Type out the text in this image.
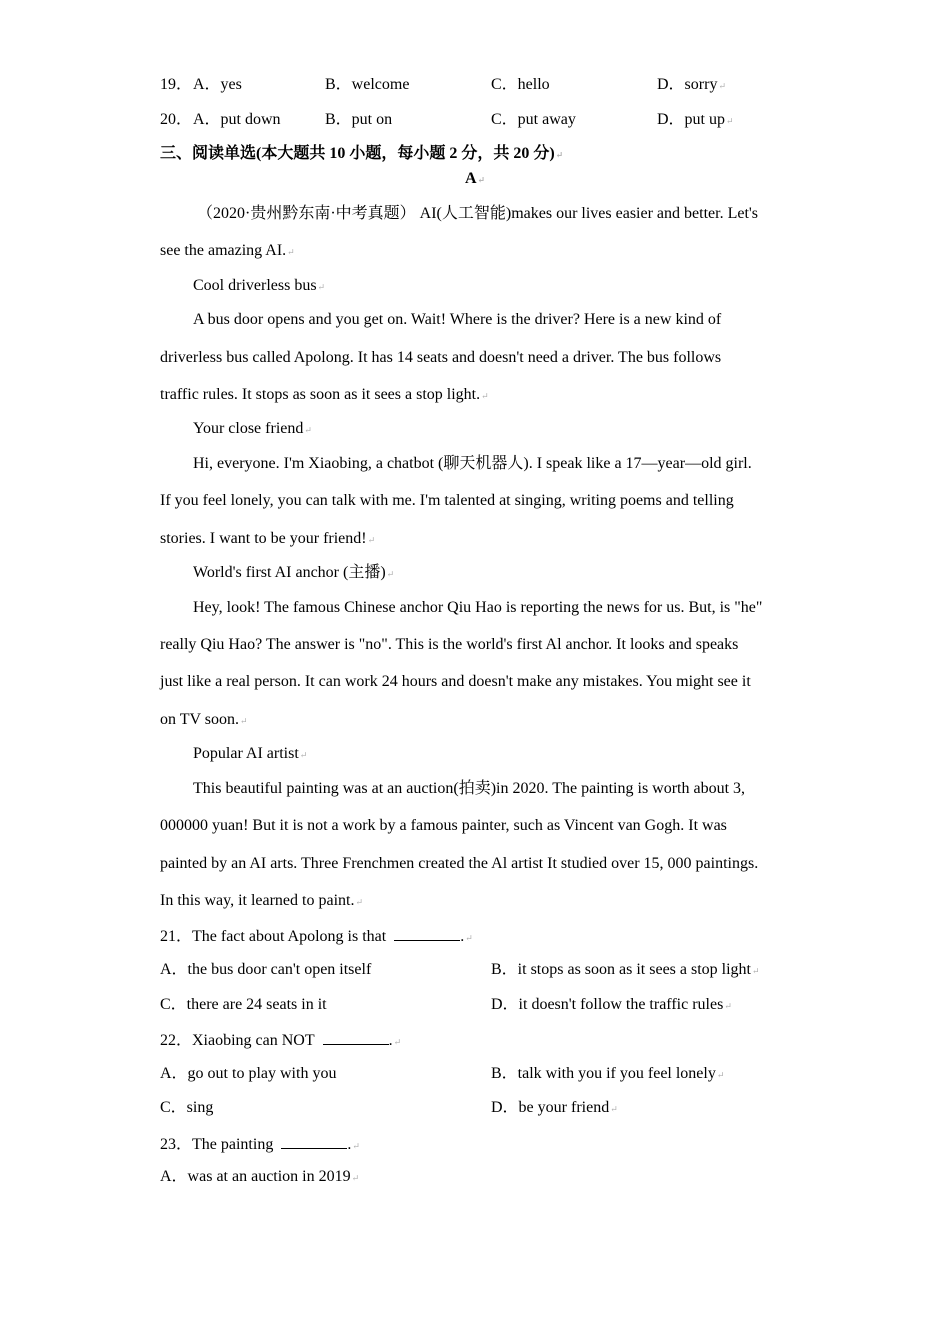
19． A．yes	B．welcome	C．hello	D．sorry↵
20． A．put down	B．put on	C．put away	D．put up↵
三、阅读单选(本大题共 10 小题，每小题 2 分，共 20 分)↵
A↵
（2020·贵州黔东南·中考真题） AI(人工智能)makes our lives easier and better. Let's
see the amazing AI.↵
Cool driverless bus↵
A bus door opens and you get on. Wait! Where is the driver? Here is a new kind of
driverless bus called Apolong. It has 14 seats and doesn't need a driver. The bus follows
traffic rules. It stops as soon as it sees a stop light.↵
Your close friend↵
Hi, everyone. I'm Xiaobing, a chatbot (聊天机器人). I speak like a 17—year—old girl.
If you feel lonely, you can talk with me. I'm talented at singing, writing poems and telling
stories. I want to be your friend!↵
World's first AI anchor (主播)↵
Hey, look! The famous Chinese anchor Qiu Hao is reporting the news for us. But, is "he"
really Qiu Hao? The answer is "no". This is the world's first Al anchor. It looks and speaks
just like a real person. It can work 24 hours and doesn't make any mistakes. You might see it
on TV soon.↵
Popular AI artist↵
This beautiful painting was at an auction(拍卖)in 2020. The painting is worth about 3,
000000 yuan! But it is not a work by a famous painter, such as Vincent van Gogh. It was
painted by an AI arts. Three Frenchmen created the Al artist It studied over 15, 000 paintings.
In this way, it learned to paint.↵
21．The fact about Apolong is that	.↵
A．the bus door can't open itself	B．it stops as soon as it sees a stop light↵
C．there are 24 seats in it	D．it doesn't follow the traffic rules↵
22．Xiaobing can NOT	.↵
A．go out to play with you	B．talk with you if you feel lonely↵
C．sing	D．be your friend↵
23．The painting	.↵
A．was at an auction in 2019↵
